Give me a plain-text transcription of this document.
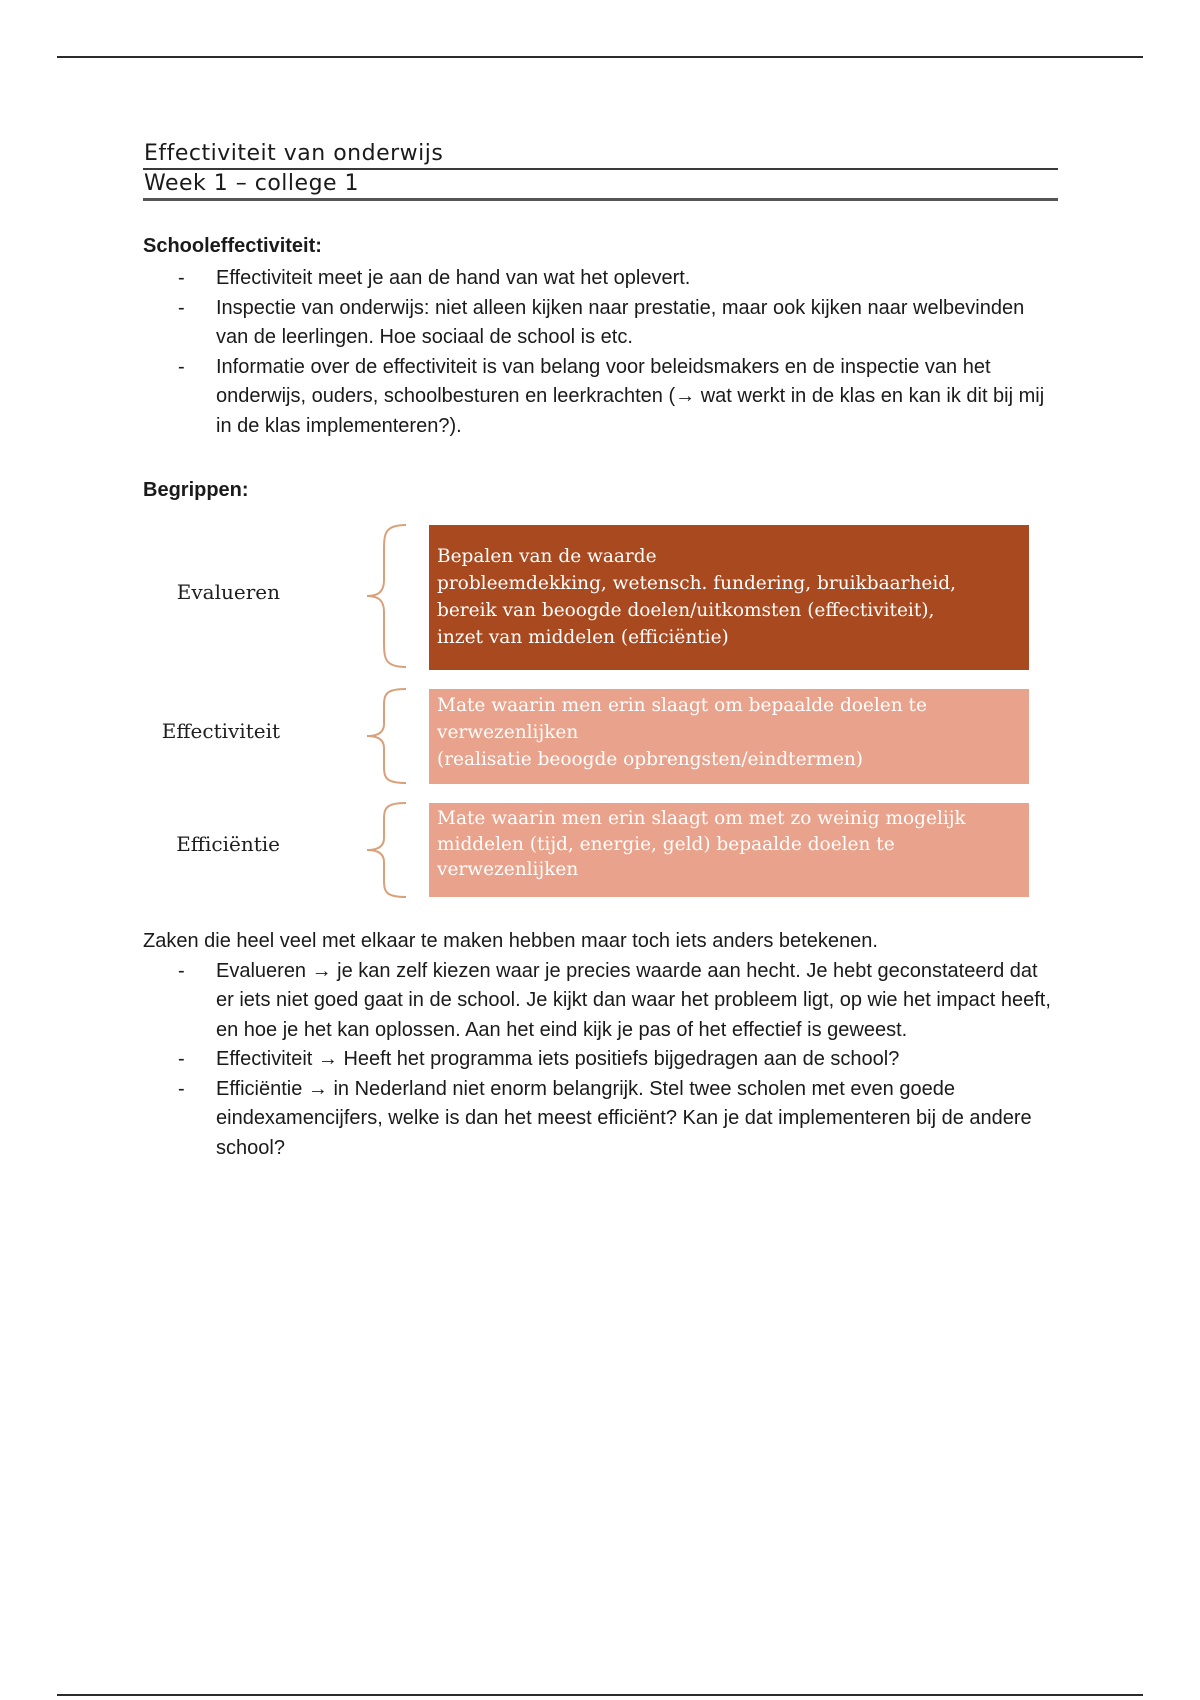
Effectiviteit van onderwijs
Week 1 – college 1

Schooleffectiviteit:

- Effectiviteit meet je aan de hand van wat het oplevert.
- Inspectie van onderwijs: niet alleen kijken naar prestatie, maar ook kijken naar welbevinden van de leerlingen. Hoe sociaal de school is etc.
- Informatie over de effectiviteit is van belang voor beleidsmakers en de inspectie van het onderwijs, ouders, schoolbesturen en leerkrachten (→ wat werkt in de klas en kan ik dit bij mij in de klas implementeren?).

Begrippen:

Evalueren
Bepalen van de waarde
probleemdekking, wetensch. fundering, bruikbaarheid,
bereik van beoogde doelen/uitkomsten (effectiviteit),
inzet van middelen (efficiëntie)
Effectiviteit
Mate waarin men erin slaagt om bepaalde doelen te
verwezenlijken
(realisatie beoogde opbrengsten/eindtermen)
Efficiëntie
Mate waarin men erin slaagt om met zo weinig mogelijk
middelen (tijd, energie, geld) bepaalde doelen te
verwezenlijken

Zaken die heel veel met elkaar te maken hebben maar toch iets anders betekenen.

- Evalueren → je kan zelf kiezen waar je precies waarde aan hecht. Je hebt geconstateerd dat er iets niet goed gaat in de school. Je kijkt dan waar het probleem ligt, op wie het impact heeft, en hoe je het kan oplossen. Aan het eind kijk je pas of het effectief is geweest.
- Effectiviteit → Heeft het programma iets positiefs bijgedragen aan de school?
- Efficiëntie → in Nederland niet enorm belangrijk. Stel twee scholen met even goede eindexamencijfers, welke is dan het meest efficiënt? Kan je dat implementeren bij de andere school?
